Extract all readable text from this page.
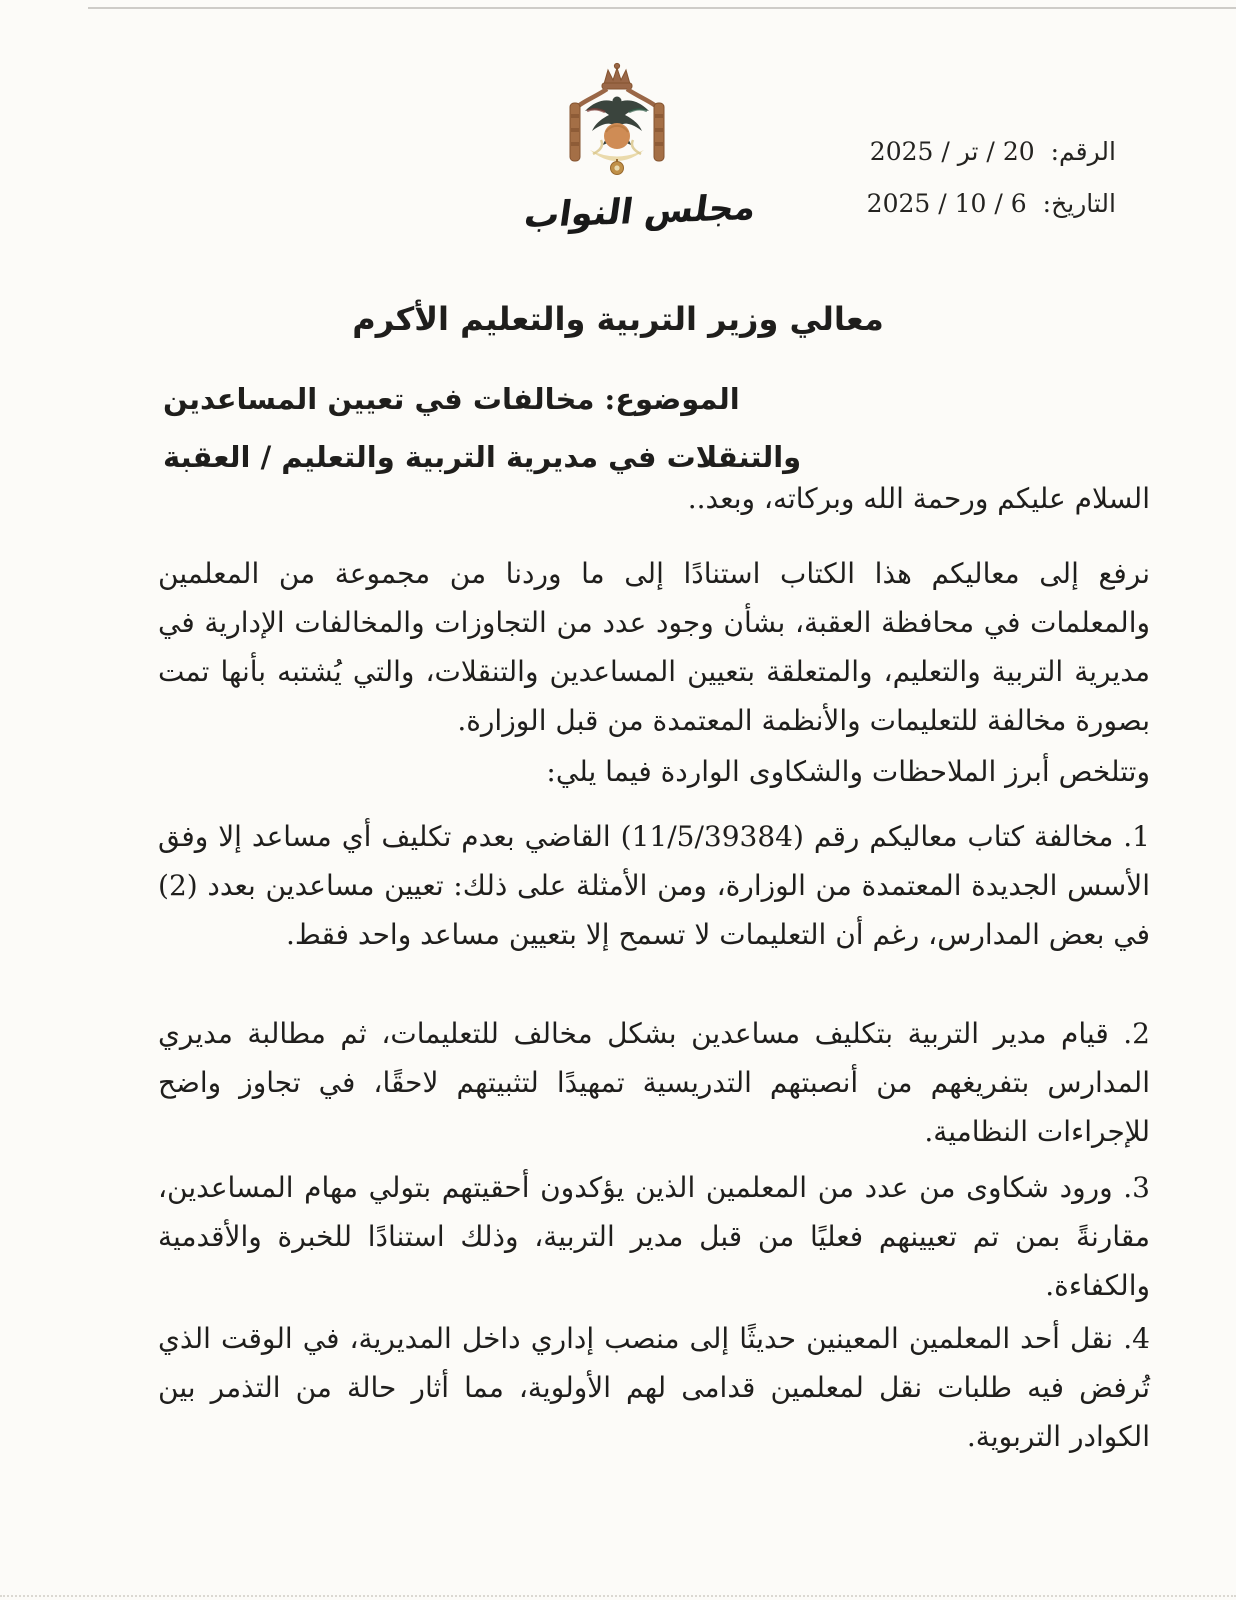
مجلس النواب
الرقم:20 / تر / 2025
التاريخ:6 / 10 / 2025
معالي وزير التربية والتعليم الأكرم
الموضوع: مخالفات في تعيين المساعدين
والتنقلات في مديرية التربية والتعليم / العقبة

السلام عليكم ورحمة الله وبركاته، وبعد..

نرفع إلى معاليكم هذا الكتاب استنادًا إلى ما وردنا من مجموعة من المعلمين والمعلمات في محافظة العقبة، بشأن وجود عدد من التجاوزات والمخالفات الإدارية في مديرية التربية والتعليم، والمتعلقة بتعيين المساعدين والتنقلات، والتي يُشتبه بأنها تمت بصورة مخالفة للتعليمات والأنظمة المعتمدة من قبل الوزارة.

وتتلخص أبرز الملاحظات والشكاوى الواردة فيما يلي:

1. مخالفة كتاب معاليكم رقم (11/5/39384) القاضي بعدم تكليف أي مساعد إلا وفق الأسس الجديدة المعتمدة من الوزارة، ومن الأمثلة على ذلك: تعيين مساعدين بعدد (2) في بعض المدارس، رغم أن التعليمات لا تسمح إلا بتعيين مساعد واحد فقط.

2. قيام مدير التربية بتكليف مساعدين بشكل مخالف للتعليمات، ثم مطالبة مديري المدارس بتفريغهم من أنصبتهم التدريسية تمهيدًا لتثبيتهم لاحقًا، في تجاوز واضح للإجراءات النظامية.

3. ورود شكاوى من عدد من المعلمين الذين يؤكدون أحقيتهم بتولي مهام المساعدين، مقارنةً بمن تم تعيينهم فعليًا من قبل مدير التربية، وذلك استنادًا للخبرة والأقدمية والكفاءة.

4. نقل أحد المعلمين المعينين حديثًا إلى منصب إداري داخل المديرية، في الوقت الذي تُرفض فيه طلبات نقل لمعلمين قدامى لهم الأولوية، مما أثار حالة من التذمر بين الكوادر التربوية.
